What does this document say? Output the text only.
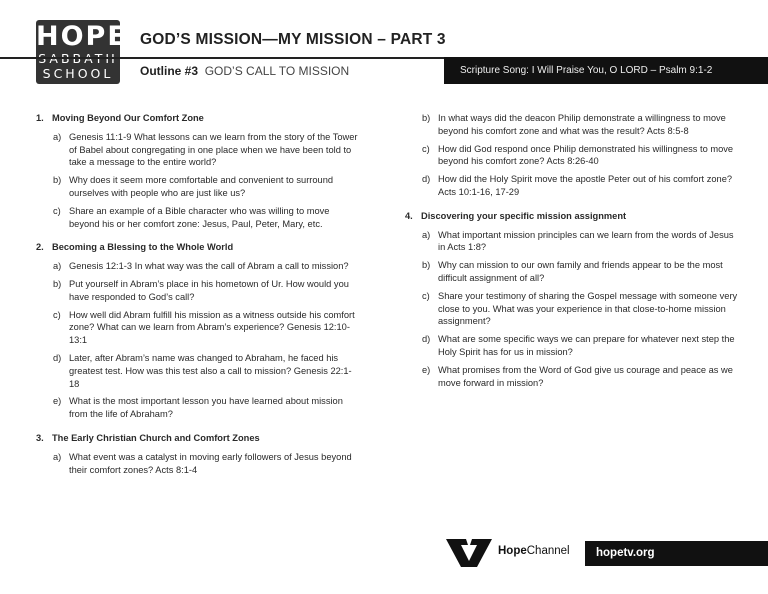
HOPE
SCHOOL
GOD’S MISSION—MY MISSION – PART 3
Outline #3 GOD’S CALL TO MISSION	Scripture Song: I Will Praise You, O LORD – Psalm 9:1-2
1. Moving Beyond Our Comfort Zone
a) Genesis 11:1-9 What lessons can we learn from the story of the Tower of Babel about congregating in one place when we have been told to take a message to the entire world?
b) Why does it seem more comfortable and convenient to surround ourselves with people who are just like us?
c) Share an example of a Bible character who was willing to move beyond his or her comfort zone: Jesus, Paul, Peter, Mary, etc.
2. Becoming a Blessing to the Whole World
a) Genesis 12:1-3 In what way was the call of Abram a call to mission?
b) Put yourself in Abram’s place in his hometown of Ur. How would you have responded to God’s call?
c) How well did Abram fulfill his mission as a witness outside his comfort zone? What can we learn from Abram’s experience? Genesis 12:10-13:1
d) Later, after Abram’s name was changed to Abraham, he faced his greatest test. How was this test also a call to mission? Genesis 22:1-18
e) What is the most important lesson you have learned about mission from the life of Abraham?
3. The Early Christian Church and Comfort Zones
a) What event was a catalyst in moving early followers of Jesus beyond their comfort zones? Acts 8:1-4
b) In what ways did the deacon Philip demonstrate a willingness to move beyond his comfort zone and what was the result? Acts 8:5-8
c) How did God respond once Philip demonstrated his willingness to move beyond his comfort zone? Acts 8:26-40
d) How did the Holy Spirit move the apostle Peter out of his comfort zone? Acts 10:1-16, 17-29
4. Discovering your specific mission assignment
a) What important mission principles can we learn from the words of Jesus in Acts 1:8?
b) Why can mission to our own family and friends appear to be the most difficult assignment of all?
c) Share your testimony of sharing the Gospel message with someone very close to you. What was your experience in that close-to-home mission assignment?
d) What are some specific ways we can prepare for whatever next step the Holy Spirit has for us in mission?
e) What promises from the Word of God give us courage and peace as we move forward in mission?
HopeChannel hopetv.org
